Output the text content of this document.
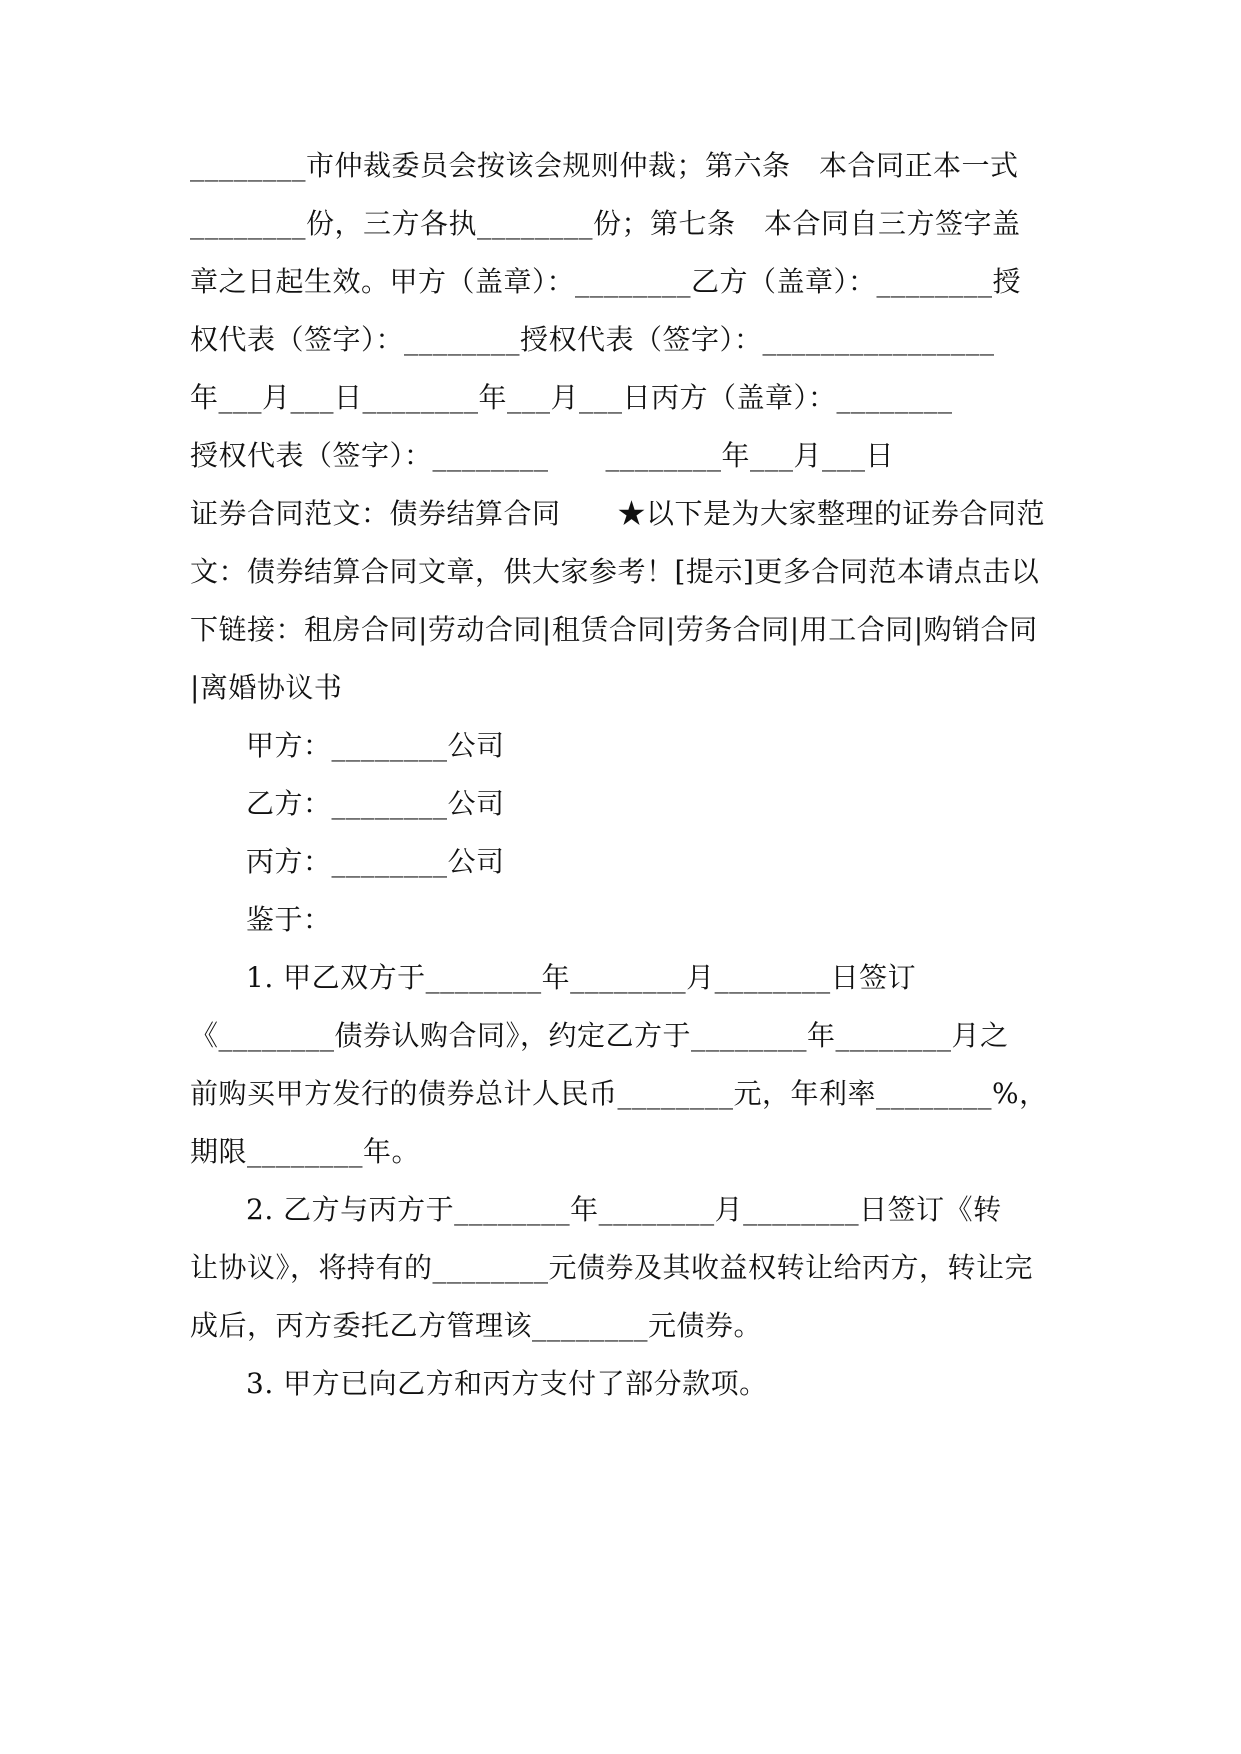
________市仲裁委员会按该会规则仲裁；第六条　本合同正本一式
________份，三方各执________份；第七条　本合同自三方签字盖
章之日起生效。甲方（盖章）：________乙方（盖章）：________授
权代表（签字）：________授权代表（签字）：________________
年___月___日________年___月___日丙方（盖章）：________
授权代表（签字）：________　　________年___月___日
证券合同范文：债券结算合同　　★以下是为大家整理的证券合同范
文：债券结算合同文章，供大家参考！[提示]更多合同范本请点击以
下链接：租房合同|劳动合同|租赁合同|劳务合同|用工合同|购销合同
|离婚协议书
甲方：________公司
乙方：________公司
丙方：________公司
鉴于：
1. 甲乙双方于________年________月________日签订
《________债券认购合同》，约定乙方于________年________月之
前购买甲方发行的债券总计人民币________元，年利率________%，
期限________年。
2. 乙方与丙方于________年________月________日签订《转
让协议》，将持有的________元债券及其收益权转让给丙方，转让完
成后，丙方委托乙方管理该________元债券。
3. 甲方已向乙方和丙方支付了部分款项。
